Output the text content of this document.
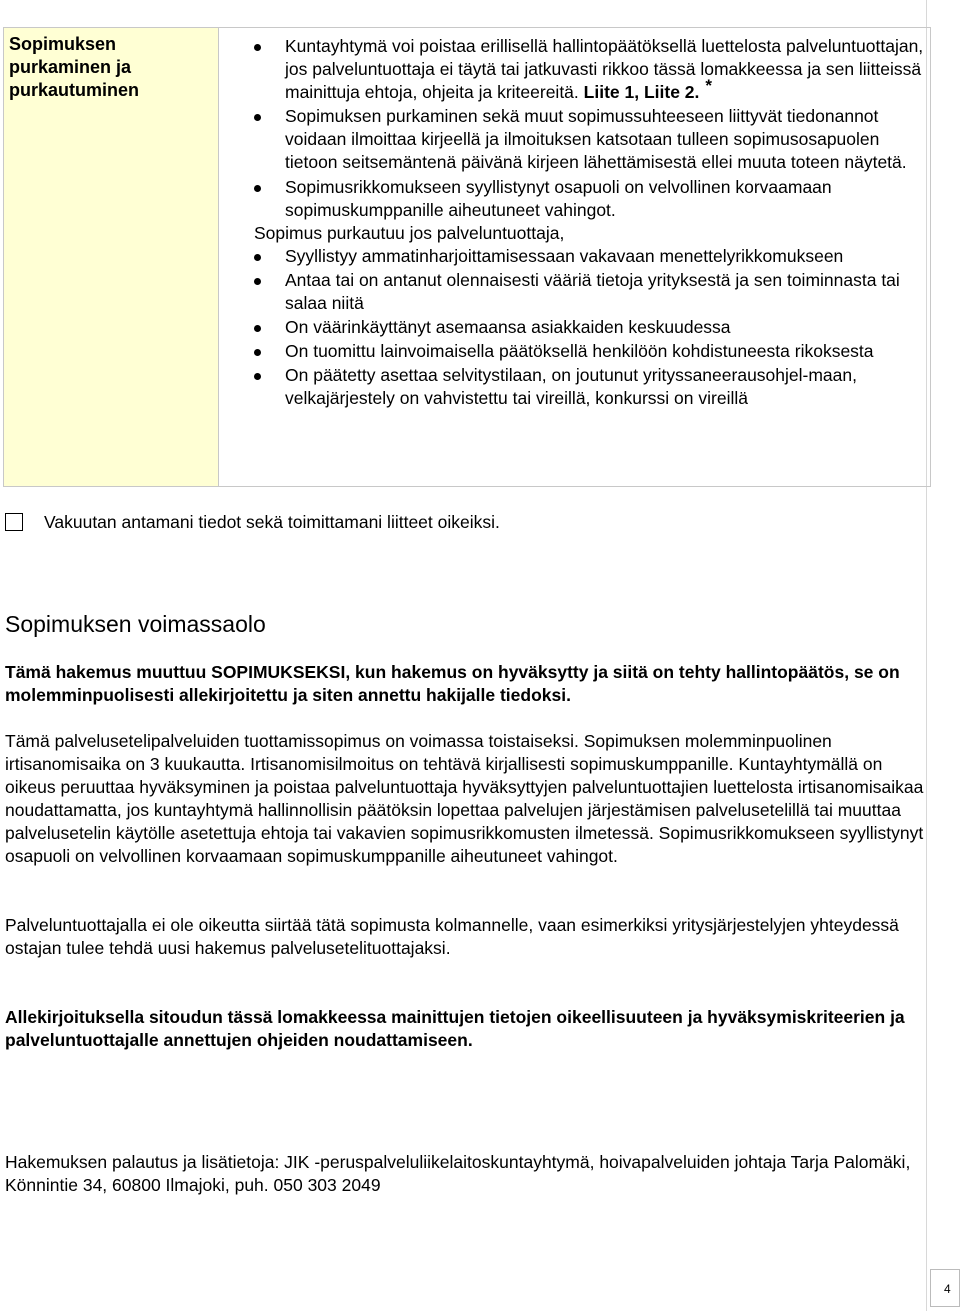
Sopimuksen purkaminen ja purkautuminen

Kuntayhtymä voi poistaa erillisellä hallintopäätöksellä luettelosta palveluntuottajan, jos palveluntuottaja ei täytä tai jatkuvasti rikkoo tässä lomakkeessa ja sen liitteissä mainittuja ehtoja, ohjeita ja kriteereitä. Liite 1, Liite 2. *

Sopimuksen purkaminen sekä muut sopimussuhteeseen liittyvät tiedonannot voidaan ilmoittaa kirjeellä ja ilmoituksen katsotaan tulleen sopimusosapuolen tietoon seitsemäntenä päivänä kirjeen lähettämisestä ellei muuta toteen näytetä.

Sopimusrikkomukseen syyllistynyt osapuoli on velvollinen korvaamaan sopimuskumppanille aiheutuneet vahingot.

Sopimus purkautuu jos palveluntuottaja,

Syyllistyy ammatinharjoittamisessaan vakavaan menettelyrikkomukseen

Antaa tai on antanut olennaisesti vääriä tietoja yrityksestä ja sen toiminnasta tai salaa niitä

On väärinkäyttänyt asemaansa asiakkaiden keskuudessa

On tuomittu lainvoimaisella päätöksellä henkilöön kohdistuneesta rikoksesta

On päätetty asettaa selvitystilaan, on joutunut yrityssaneerausohjel-maan, velkajärjestely on vahvistettu tai vireillä, konkurssi on vireillä

Vakuutan antamani tiedot sekä toimittamani liitteet oikeiksi.
Sopimuksen voimassaolo

Tämä hakemus muuttuu SOPIMUKSEKSI, kun hakemus on hyväksytty ja siitä on tehty hallintopäätös, se on molemminpuolisesti allekirjoitettu ja siten annettu hakijalle tiedoksi.

Tämä palvelusetelipalveluiden tuottamissopimus on voimassa toistaiseksi. Sopimuksen molemminpuolinen irtisanomisaika on 3 kuukautta. Irtisanomisilmoitus on tehtävä kirjallisesti sopimuskumppanille. Kuntayhtymällä on oikeus peruuttaa hyväksyminen ja poistaa palveluntuottaja hyväksyttyjen palveluntuottajien luettelosta irtisanomisaikaa noudattamatta, jos kuntayhtymä hallinnollisin päätöksin lopettaa palvelujen järjestämisen palvelusetelillä tai muuttaa palvelusetelin käytölle asetettuja ehtoja tai vakavien sopimusrikkomusten ilmetessä. Sopimusrikkomukseen syyllistynyt osapuoli on velvollinen korvaamaan sopimuskumppanille aiheutuneet vahingot.

Palveluntuottajalla ei ole oikeutta siirtää tätä sopimusta kolmannelle, vaan esimerkiksi yritysjärjestelyjen yhteydessä ostajan tulee tehdä uusi hakemus palvelusetelituottajaksi.

Allekirjoituksella sitoudun tässä lomakkeessa mainittujen tietojen oikeellisuuteen ja hyväksymiskriteerien ja palveluntuottajalle annettujen ohjeiden noudattamiseen.

Hakemuksen palautus ja lisätietoja: JIK -peruspalveluliikelaitoskuntayhtymä, hoivapalveluiden johtaja Tarja Palomäki, Könnintie 34, 60800 Ilmajoki, puh. 050 303 2049

4
